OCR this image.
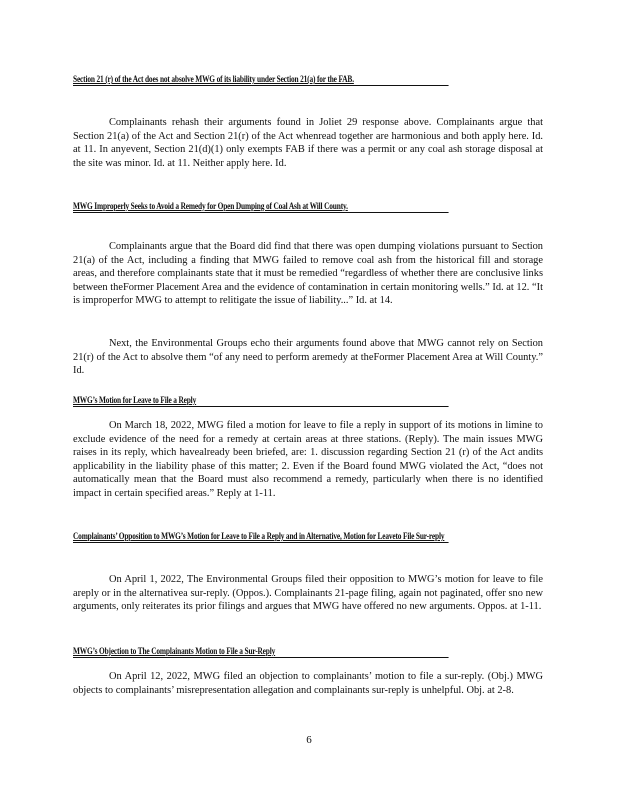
Section 21 (r) of the Act does not absolve MWG of its liability under Section 21(a) for the FAB.
Complainants rehash their arguments found in Joliet 29 response above. Complainants argue that Section 21(a) of the Act and Section 21(r) of the Act whenread together are harmonious and both apply here. Id. at 11. In anyevent, Section 21(d)(1) only exempts FAB if there was a permit or any coal ash storage disposal at the site was minor. Id. at 11. Neither apply here. Id.
MWG Improperly Seeks to Avoid a Remedy for Open Dumping of Coal Ash at Will County.
Complainants argue that the Board did find that there was open dumping violations pursuant to Section 21(a) of the Act, including a finding that MWG failed to remove coal ash from the historical fill and storage areas, and therefore complainants state that it must be remedied “regardless of whether there are conclusive links between theFormer Placement Area and the evidence of contamination in certain monitoring wells.” Id. at 12. “It is improperfor MWG to attempt to relitigate the issue of liability...” Id. at 14.
Next, the Environmental Groups echo their arguments found above that MWG cannot rely on Section 21(r) of the Act to absolve them “of any need to perform aremedy at theFormer Placement Area at Will County.” Id.
MWG’s Motion for Leave to File a Reply
On March 18, 2022, MWG filed a motion for leave to file a reply in support of its motions in limine to exclude evidence of the need for a remedy at certain areas at three stations. (Reply). The main issues MWG raises in its reply, which havealready been briefed, are: 1. discussion regarding Section 21 (r) of the Act andits applicability in the liability phase of this matter; 2. Even if the Board found MWG violated the Act, “does not automatically mean that the Board must also recommend a remedy, particularly when there is no identified impact in certain specified areas.” Reply at 1-11.
Complainants’ Opposition to MWG’s Motion for Leave to File a Reply and in Alternative, Motion for Leaveto File Sur-reply
On April 1, 2022, The Environmental Groups filed their opposition to MWG’s motion for leave to file areply or in the alternativea sur-reply. (Oppos.). Complainants 21-page filing, again not paginated, offer sno new arguments, only reiterates its prior filings and argues that MWG have offered no new arguments. Oppos. at 1-11.
MWG’s Objection to The Complainants Motion to File a Sur-Reply
On April 12, 2022, MWG filed an objection to complainants’ motion to file a sur-reply. (Obj.) MWG objects to complainants’ misrepresentation allegation and complainants sur-reply is unhelpful. Obj. at 2-8.
6
